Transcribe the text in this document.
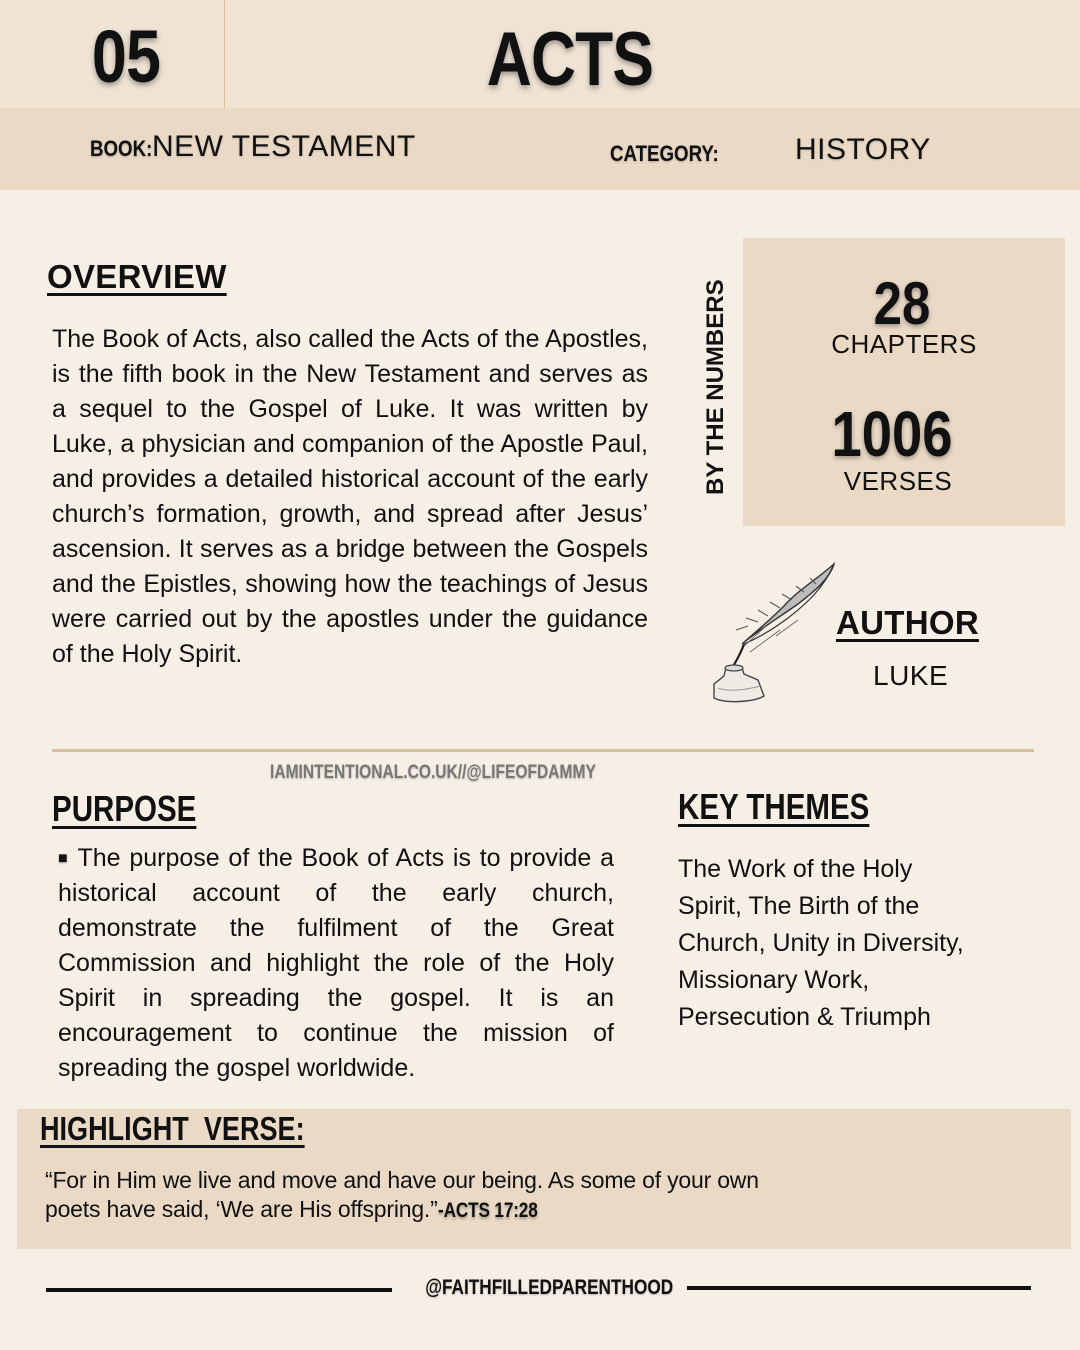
05	ACTS
BOOK: NEW TESTAMENT	CATEGORY:	HISTORY
OVERVIEW
The Book of Acts, also called the Acts of the Apostles, is the fifth book in the New Testament and serves as a sequel to the Gospel of Luke. It was written by Luke, a physician and companion of the Apostle Paul, and provides a detailed historical account of the early church’s formation, growth, and spread after Jesus’ ascension. It serves as a bridge between the Gospels and the Epistles, showing how the teachings of Jesus were carried out by the apostles under the guidance of the Holy Spirit.
BY THE NUMBERS	28
CHAPTERS
1006
VERSES
AUTHOR
LUKE
IAMINTENTIONAL.CO.UK//@LIFEOFDAMMY
PURPOSE
■ The purpose of the Book of Acts is to provide a historical account of the early church, demonstrate the fulfilment of the Great Commission and highlight the role of the Holy Spirit in spreading the gospel. It is an encouragement to continue the mission of spreading the gospel worldwide.
KEY THEMES
The Work of the Holy
Spirit, The Birth of the
Church, Unity in Diversity,
Missionary Work,
Persecution & Triumph
HIGHLIGHT  VERSE:
“For in Him we live and move and have our being. As some of your own
poets have said, ‘We are His offspring.”-ACTS 17:28
@FAITHFILLEDPARENTHOOD
